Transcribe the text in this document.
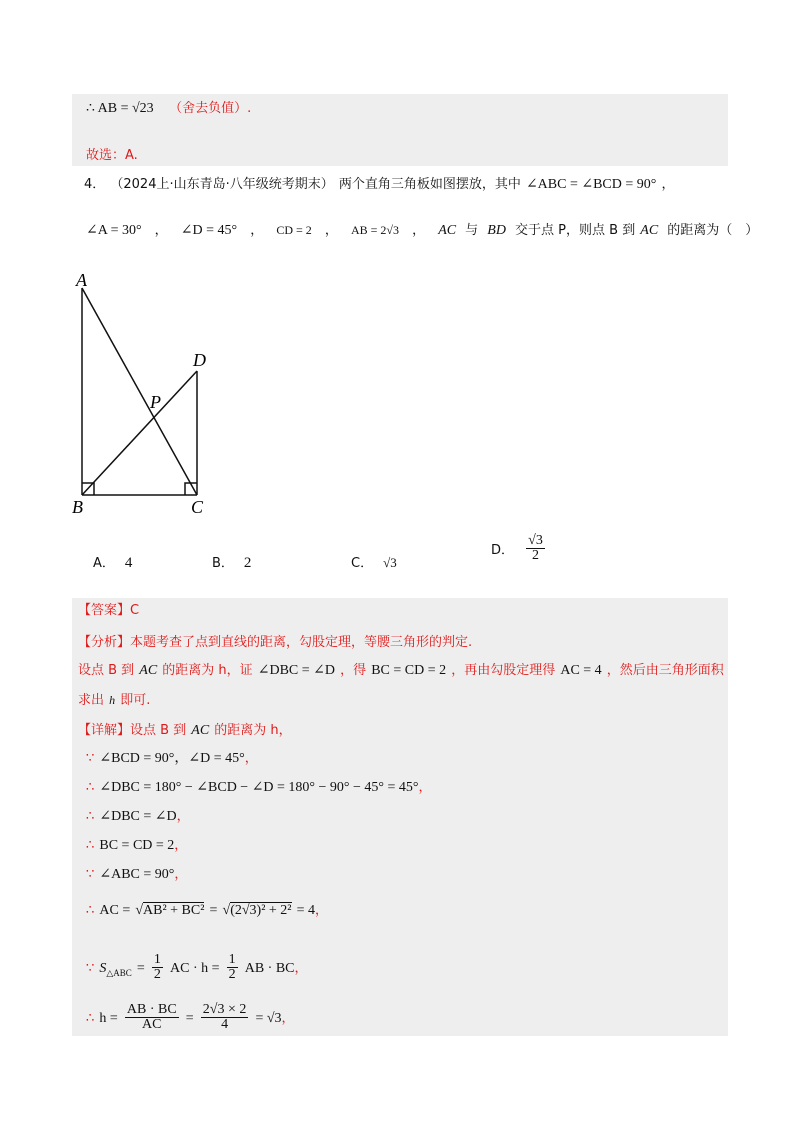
∴ AB = √23 （舍去负值）.
故选：A.
4． （2024上·山东青岛·八年级统考期末） 两个直角三角板如图摆放，其中 ∠ABC = ∠BCD = 90° ，
∠A = 30° ， ∠D = 45° ， CD = 2 ， AB = 2√3 ， AC 与 BD 交于点 P，则点 B 到 AC 的距离为（　）
A
B	C
D
P
A． 4	B． 2	C． √3
D． $\frac{√3}{2}$
【答案】C
【分析】本题考查了点到直线的距离，勾股定理，等腰三角形的判定.
设点 B 到 AC 的距离为 h，证 ∠DBC = ∠D ，得 BC = CD = 2 ，再由勾股定理得 AC = 4 ，然后由三角形面积
求出 h 即可.
【详解】设点 B 到 AC 的距离为 h，
∵ ∠BCD = 90°，∠D = 45°，
∴ ∠DBC = 180° − ∠BCD − ∠D = 180° − 90° − 45° = 45°，
∴ ∠DBC = ∠D，
∴ BC = CD = 2，
∵ ∠ABC = 90°，
∴ AC = √AB² + BC² = √(2√3)² + 2² = 4，
∵ $S_{\triangle ABC} = \frac{1}{2}$ AC · $h = \frac{1}{2}$ AB · BC，
∴ $h = \frac{AB \cdot BC}{AC} = \frac{2√3 \times 2}{4} = √3$，
